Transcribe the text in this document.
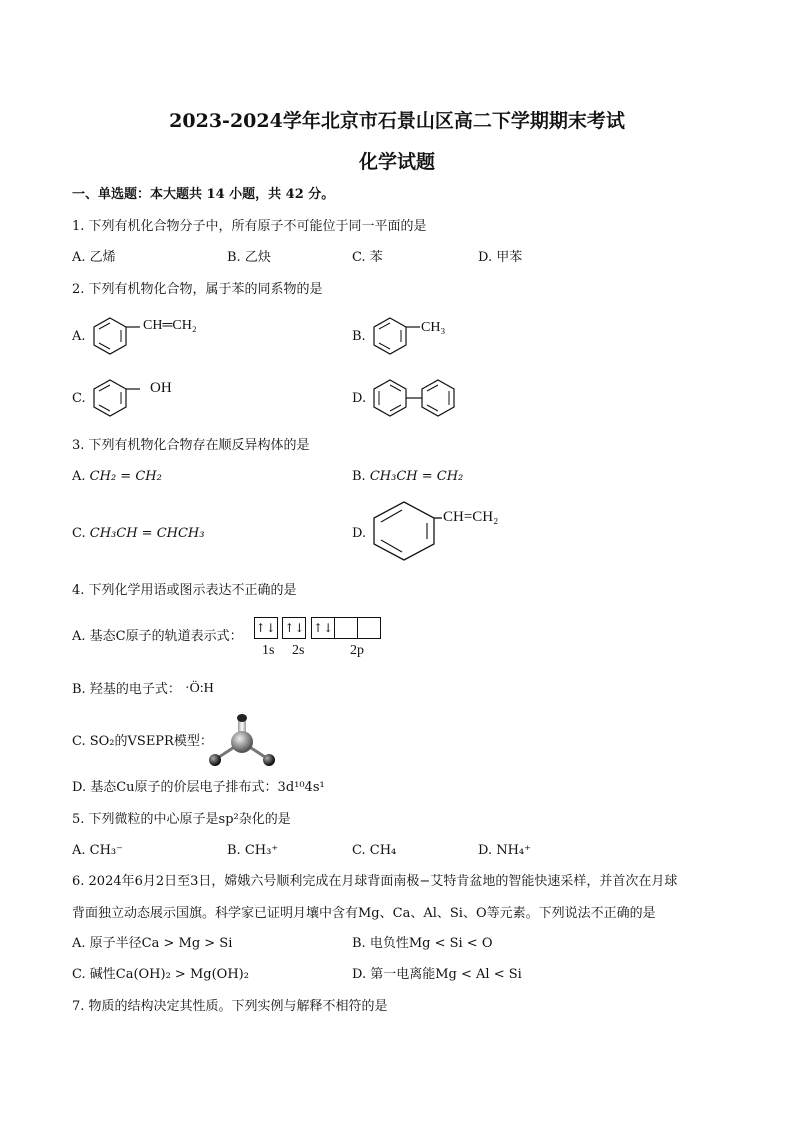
2023-2024学年北京市石景山区高二下学期期末考试
化学试题
一、单选题：本大题共 14 小题，共 42 分。
1. 下列有机化合物分子中，所有原子不可能位于同一平面的是
A. 乙烯	B. 乙炔	C. 苯	D. 甲苯
2. 下列有机物化合物，属于苯的同系物的是
A.
CH═CH₂
B.
CH₃
C.
OH
D.
3. 下列有机物化合物存在顺反异构体的是
A. CH₂ = CH₂	B. CH₃CH = CH₂
C. CH₃CH = CHCH₃	D.
CH=CH₂
4. 下列化学用语或图示表达不正确的是
A. 基态C原子的轨道表示式：
↑↓ ↑↓ ↑↓
1s 2s	2p
B. 羟基的电子式： ·Ö:H
C. SO₂的VSEPR模型：
D. 基态Cu原子的价层电子排布式：3d¹⁰4s¹
5. 下列微粒的中心原子是sp²杂化的是
A. CH₃⁻	B. CH₃⁺	C. CH₄	D. NH₄⁺
6. 2024年6月2日至3日，嫦娥六号顺利完成在月球背面南极−艾特肯盆地的智能快速采样，并首次在月球
背面独立动态展示国旗。科学家已证明月壤中含有Mg、Ca、Al、Si、O等元素。下列说法不正确的是
A. 原子半径Ca > Mg > Si	B. 电负性Mg < Si < O
C. 碱性Ca(OH)₂ > Mg(OH)₂	D. 第一电离能Mg < Al < Si
7. 物质的结构决定其性质。下列实例与解释不相符的是
